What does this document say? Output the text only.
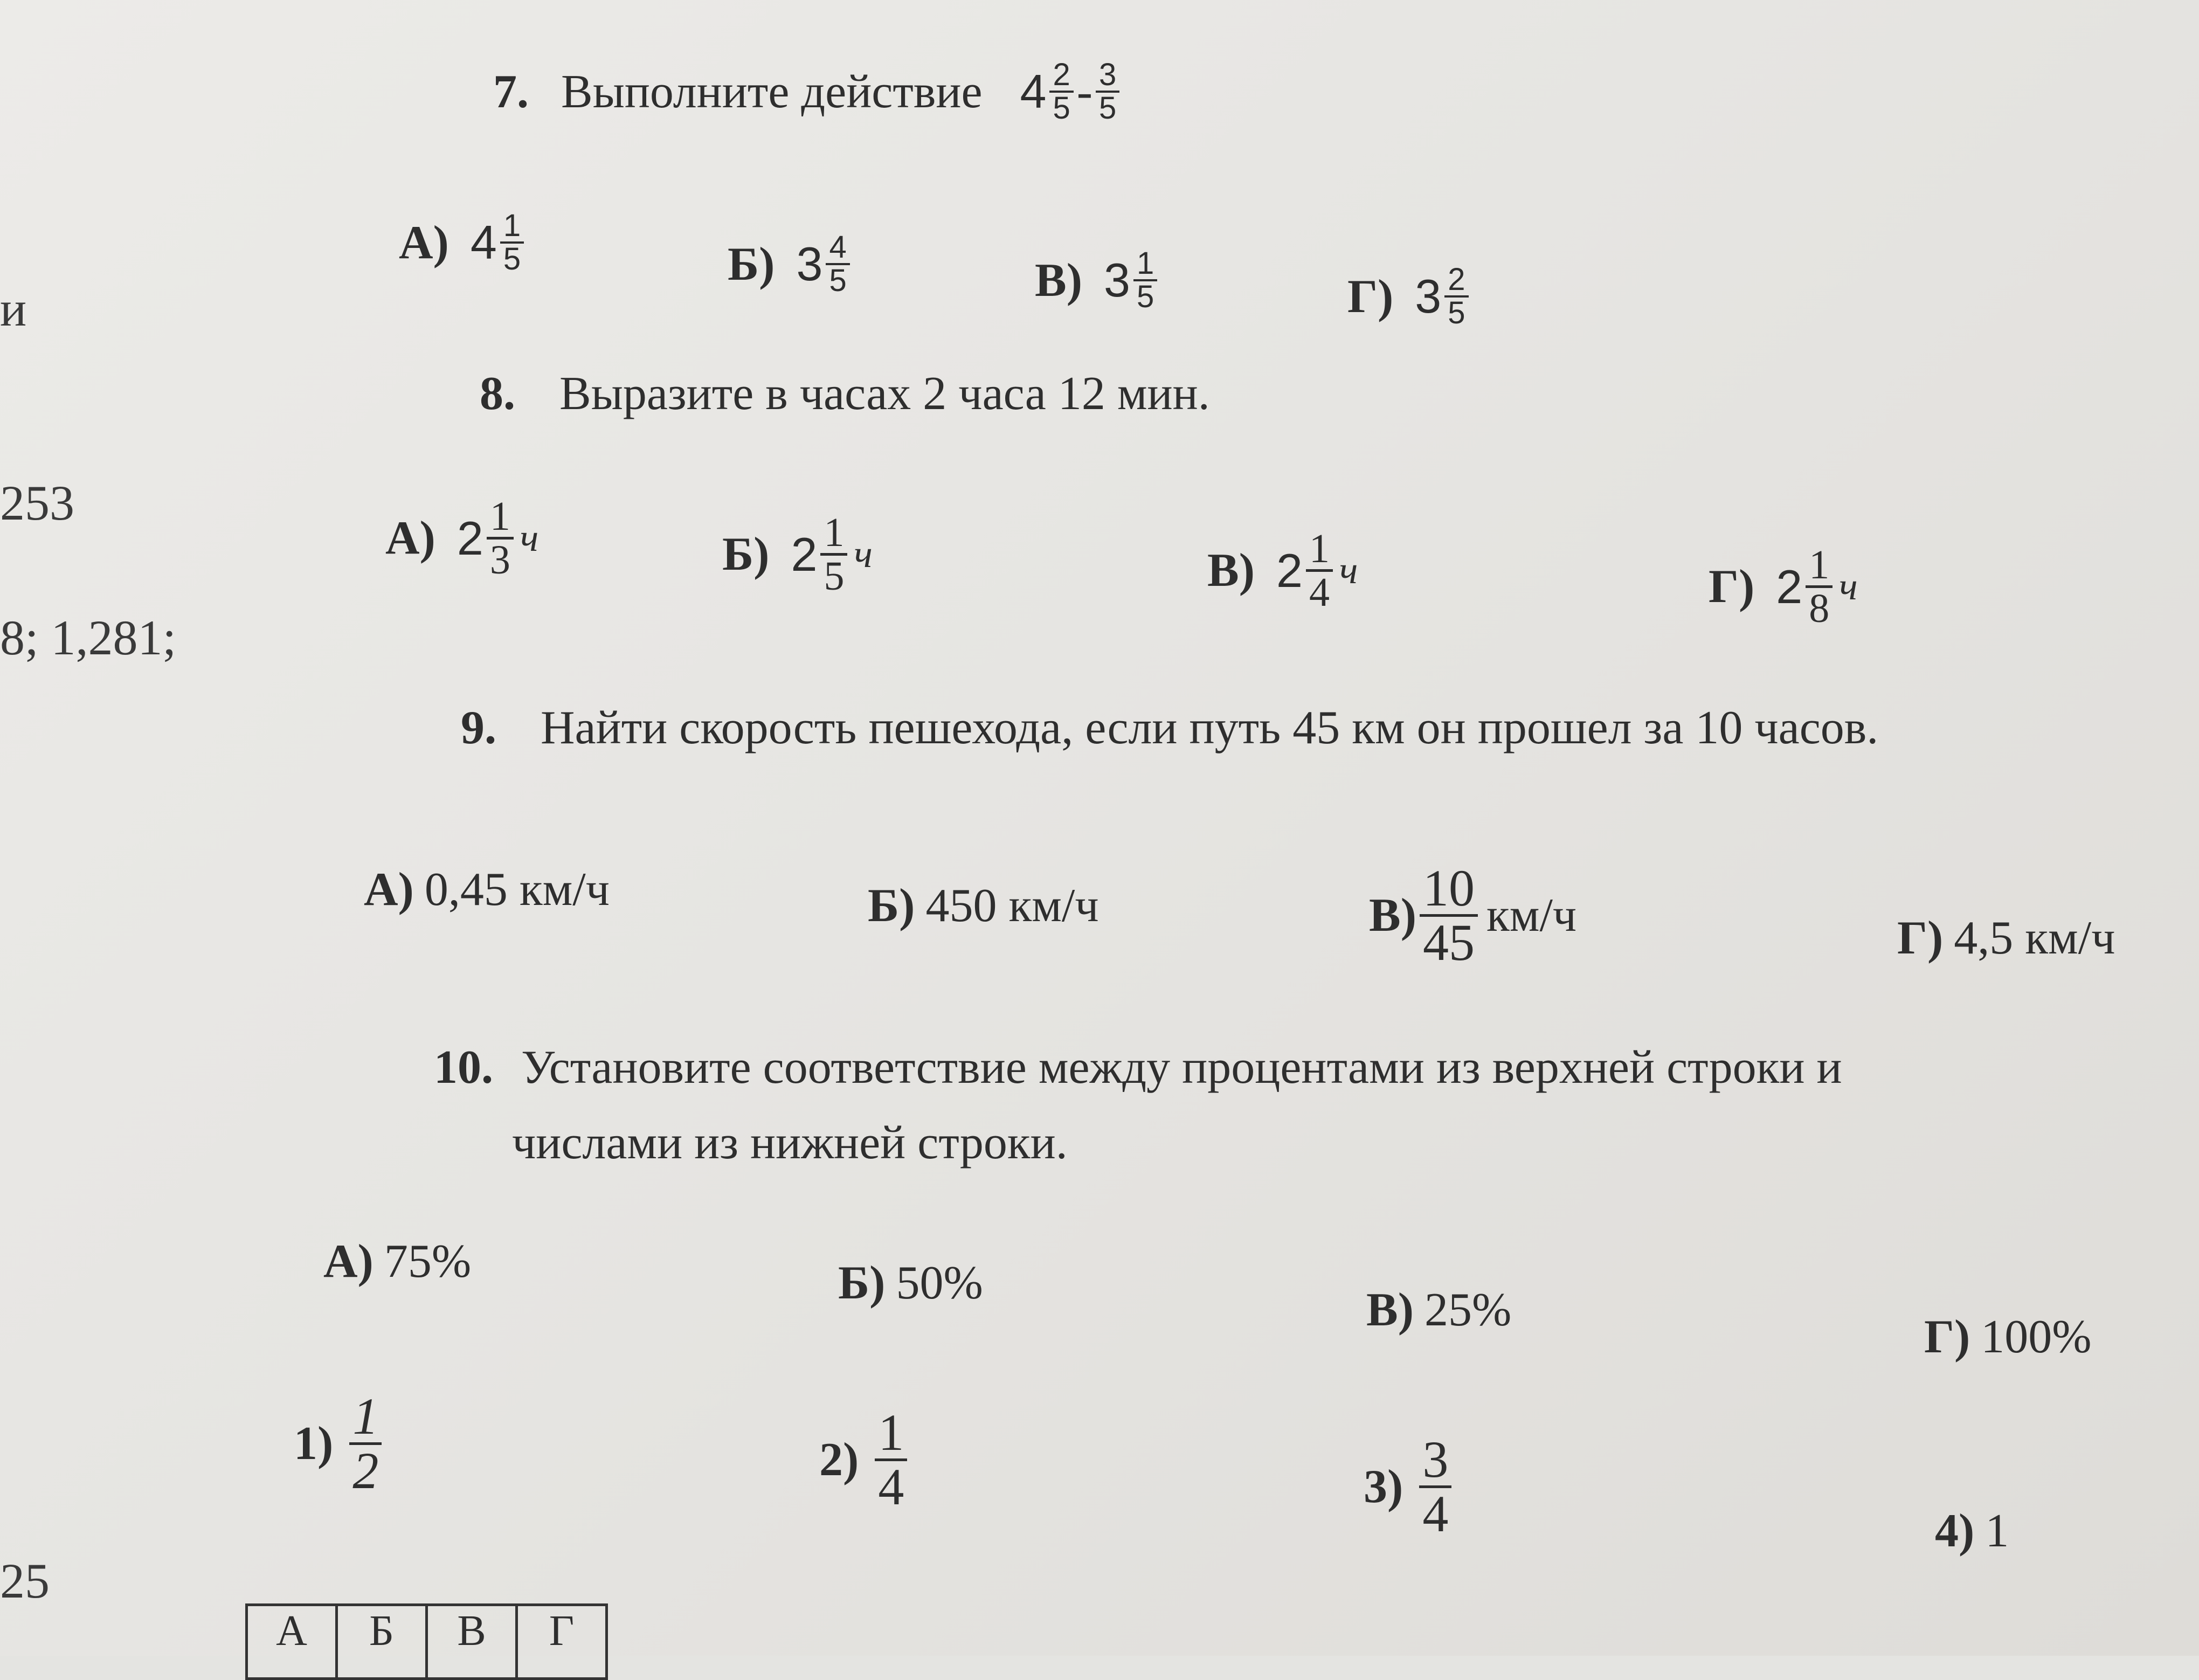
и
253
8; 1,281;
25
7. Выполните действие $4 \frac{2}{5} - \frac{3}{5}$
А) $4 \frac{1}{5}$	Б) $3 \frac{4}{5}$	В) $3 \frac{1}{5}$	Г) $3 \frac{2}{5}$
8. Выразите в часах 2 часа 12 мин.
А) $2 \frac{1}{3}$ ч	Б) $2 \frac{1}{5}$ ч	В) $2 \frac{1}{4}$ ч	Г) $2 \frac{1}{8}$ ч
9. Найти скорость пешехода, если путь 45 км он прошел за 10 часов.
А) 0,45 км/ч	Б) 450 км/ч	$В) \frac{10}{45} км/ч$	Г) 4,5 км/ч
10. Установите соответствие между процентами из верхней строки и
числами из нижней строки.
А) 75%	Б) 50%
В) 25%
Г) 100%
$1) \frac{1}{2}$	$2) \frac{1}{4}$	$3) \frac{3}{4}$	4) 1
А	Б	В	Г
